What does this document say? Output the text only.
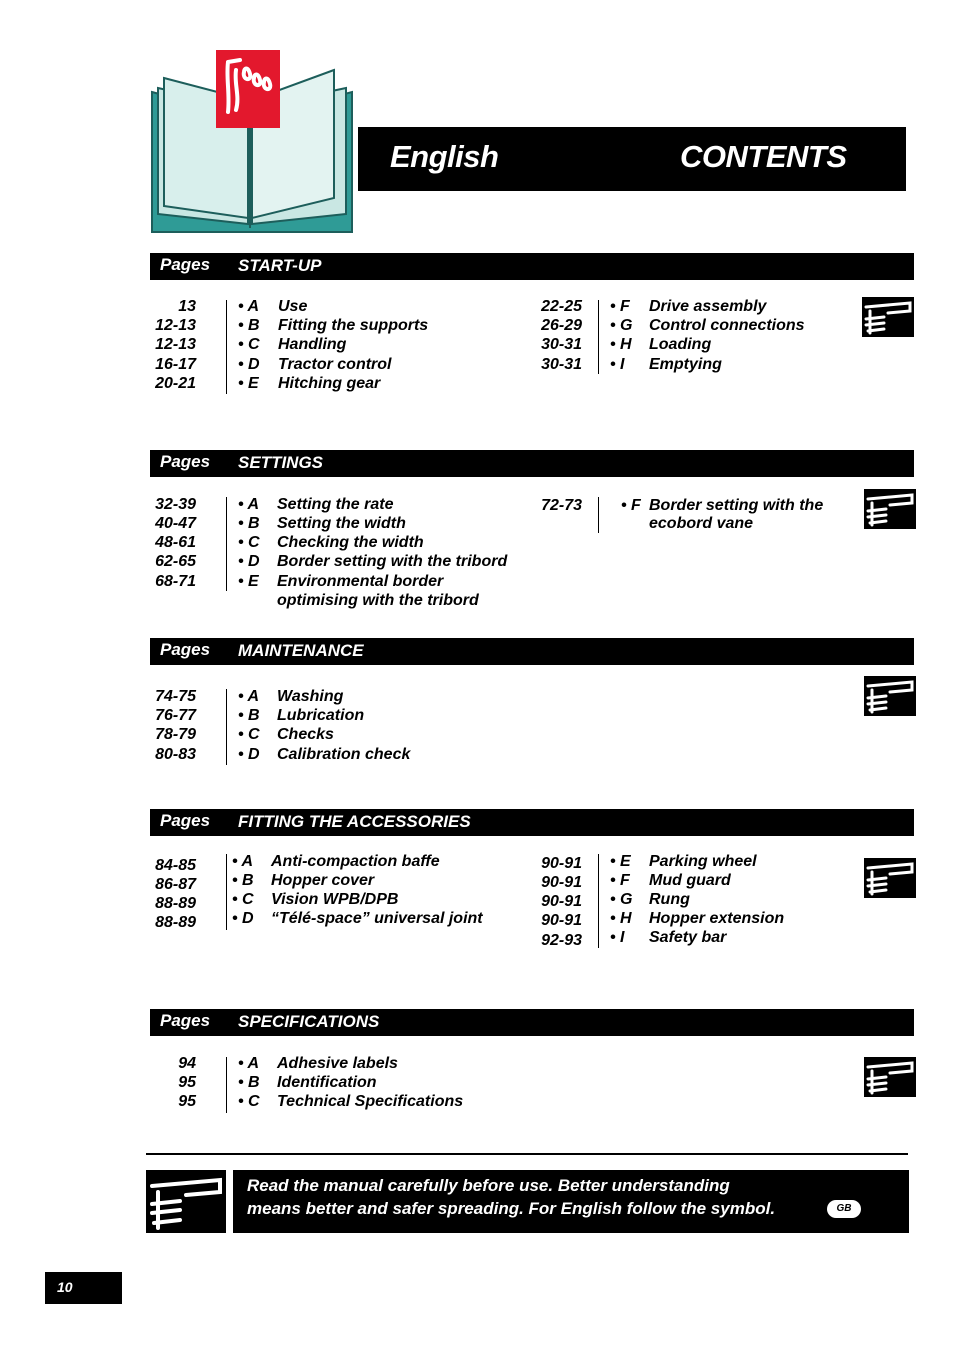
English	CONTENTS
Pages START-UP
13	• A Use
12-13	• B Fitting the supports
12-13	• C Handling
16-17	• D Tractor control
20-21	• E Hitching gear
22-25 • F Drive assembly
26-29 • G Control connections
30-31 • H Loading
30-31 • I Emptying
Pages SETTINGS
32-39	• A Setting the rate
40-47	• B Setting the width
48-61	• C Checking the width
62-65	• D Border setting with the tribord
68-71	• E Environmental border
optimising with the tribord
72-73 • F Border setting with the
ecobord vane
Pages MAINTENANCE
74-75	• A Washing
76-77	• B Lubrication
78-79	• C Checks
80-83	• D Calibration check
Pages FITTING THE ACCESSORIES
84-85 • A Anti-compaction baffe
86-87 • B Hopper cover
88-89 • C Vision WPB/DPB
88-89 • D “Télé-space” universal joint
90-91 • E Parking wheel
90-91 • F Mud guard
90-91 • G Rung
90-91 • H Hopper extension
92-93 • I Safety bar
Pages SPECIFICATIONS
94	• A Adhesive labels
95	• B Identification
95	• C Technical Specifications
Read the manual carefully before use. Better understanding
means better and safer spreading. For English follow the symbol.	GB
10
